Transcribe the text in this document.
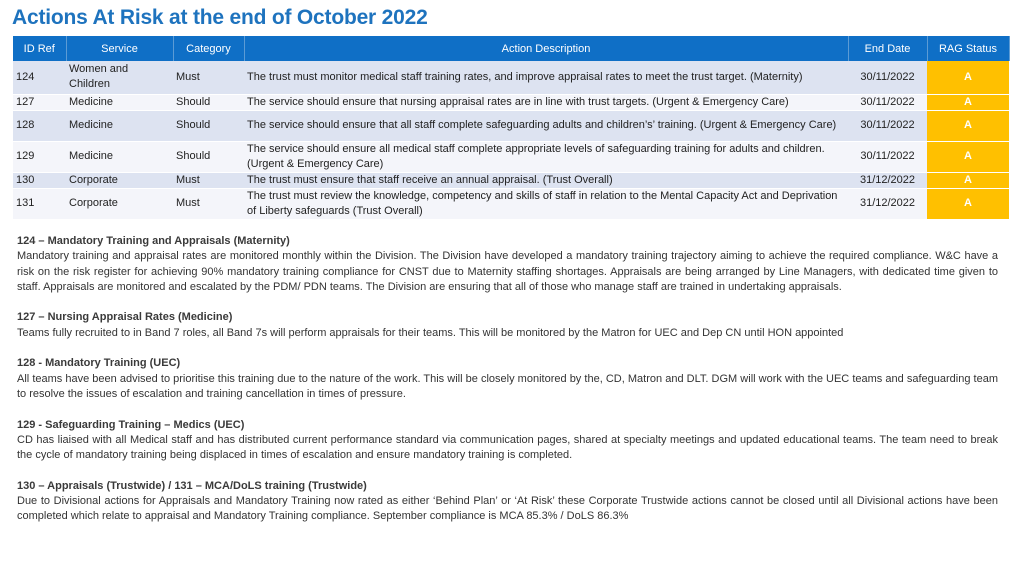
Actions At Risk at the end of October 2022
ID Ref	Service	Category	Action Description	End Date	RAG Status
124	Women and Children	Must	The trust must monitor medical staff training rates, and improve appraisal rates to meet the trust target. (Maternity)	30/11/2022	A
127	Medicine	Should	The service should ensure that nursing appraisal rates are in line with trust targets. (Urgent & Emergency Care)	30/11/2022	A
128	Medicine	Should	The service should ensure that all staff complete safeguarding adults and children’s’ training. (Urgent & Emergency Care)	30/11/2022	A
129	Medicine	Should	The service should ensure all medical staff complete appropriate levels of safeguarding training for adults and children. (Urgent & Emergency Care)	30/11/2022	A
130	Corporate	Must	The trust must ensure that staff receive an annual appraisal. (Trust Overall)	31/12/2022	A
131	Corporate	Must	The trust must review the knowledge, competency and skills of staff in relation to the Mental Capacity Act and Deprivation of Liberty safeguards (Trust Overall)	31/12/2022	A
124 – Mandatory Training and Appraisals (Maternity)

Mandatory training and appraisal rates are monitored monthly within the Division. The Division have developed a mandatory training trajectory aiming to achieve the required compliance. W&C have a risk on the risk register for achieving 90% mandatory training compliance for CNST due to Maternity staffing shortages. Appraisals are being arranged by Line Managers, with dedicated time given to staff. Appraisals are monitored and escalated by the PDM/ PDN teams. The Division are ensuring that all of those who manage staff are trained in undertaking appraisals.

127 – Nursing Appraisal Rates (Medicine)

Teams fully recruited to in Band 7 roles, all Band 7s will perform appraisals for their teams. This will be monitored by the Matron for UEC and Dep CN until HON appointed

128 - Mandatory Training (UEC)

All teams have been advised to prioritise this training due to the nature of the work. This will be closely monitored by the, CD, Matron and DLT. DGM will work with the UEC teams and safeguarding team to resolve the issues of escalation and training cancellation in times of pressure.

129 - Safeguarding Training – Medics (UEC)

CD has liaised with all Medical staff and has distributed current performance standard via communication pages, shared at specialty meetings and updated educational teams. The team need to break the cycle of mandatory training being displaced in times of escalation and ensure mandatory training is completed.

130 – Appraisals (Trustwide) / 131 – MCA/DoLS training (Trustwide)

Due to Divisional actions for Appraisals and Mandatory Training now rated as either ‘Behind Plan’ or ‘At Risk’ these Corporate Trustwide actions cannot be closed until all Divisional actions have been completed which relate to appraisal and Mandatory Training compliance. September compliance is MCA 85.3% / DoLS 86.3%
